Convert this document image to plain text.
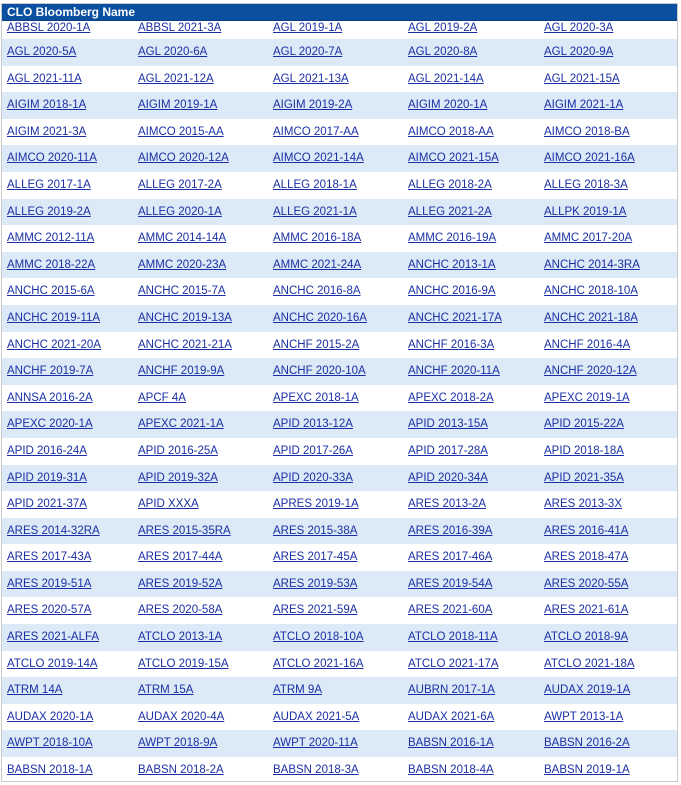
CLO Bloomberg Name
ABBSL 2020-1A	ABBSL 2021-3A	AGL 2019-1A	AGL 2019-2A	AGL 2020-3A
AGL 2020-5A	AGL 2020-6A	AGL 2020-7A	AGL 2020-8A	AGL 2020-9A
AGL 2021-11A	AGL 2021-12A	AGL 2021-13A	AGL 2021-14A	AGL 2021-15A
AIGIM 2018-1A	AIGIM 2019-1A	AIGIM 2019-2A	AIGIM 2020-1A	AIGIM 2021-1A
AIGIM 2021-3A	AIMCO 2015-AA	AIMCO 2017-AA	AIMCO 2018-AA	AIMCO 2018-BA
AIMCO 2020-11A	AIMCO 2020-12A	AIMCO 2021-14A	AIMCO 2021-15A	AIMCO 2021-16A
ALLEG 2017-1A	ALLEG 2017-2A	ALLEG 2018-1A	ALLEG 2018-2A	ALLEG 2018-3A
ALLEG 2019-2A	ALLEG 2020-1A	ALLEG 2021-1A	ALLEG 2021-2A	ALLPK 2019-1A
AMMC 2012-11A	AMMC 2014-14A	AMMC 2016-18A	AMMC 2016-19A	AMMC 2017-20A
AMMC 2018-22A	AMMC 2020-23A	AMMC 2021-24A	ANCHC 2013-1A	ANCHC 2014-3RA
ANCHC 2015-6A	ANCHC 2015-7A	ANCHC 2016-8A	ANCHC 2016-9A	ANCHC 2018-10A
ANCHC 2019-11A	ANCHC 2019-13A	ANCHC 2020-16A	ANCHC 2021-17A	ANCHC 2021-18A
ANCHC 2021-20A	ANCHC 2021-21A	ANCHF 2015-2A	ANCHF 2016-3A	ANCHF 2016-4A
ANCHF 2019-7A	ANCHF 2019-9A	ANCHF 2020-10A	ANCHF 2020-11A	ANCHF 2020-12A
ANNSA 2016-2A	APCF 4A	APEXC 2018-1A	APEXC 2018-2A	APEXC 2019-1A
APEXC 2020-1A	APEXC 2021-1A	APID 2013-12A	APID 2013-15A	APID 2015-22A
APID 2016-24A	APID 2016-25A	APID 2017-26A	APID 2017-28A	APID 2018-18A
APID 2019-31A	APID 2019-32A	APID 2020-33A	APID 2020-34A	APID 2021-35A
APID 2021-37A	APID XXXA	APRES 2019-1A	ARES 2013-2A	ARES 2013-3X
ARES 2014-32RA	ARES 2015-35RA	ARES 2015-38A	ARES 2016-39A	ARES 2016-41A
ARES 2017-43A	ARES 2017-44A	ARES 2017-45A	ARES 2017-46A	ARES 2018-47A
ARES 2019-51A	ARES 2019-52A	ARES 2019-53A	ARES 2019-54A	ARES 2020-55A
ARES 2020-57A	ARES 2020-58A	ARES 2021-59A	ARES 2021-60A	ARES 2021-61A
ARES 2021-ALFA	ATCLO 2013-1A	ATCLO 2018-10A	ATCLO 2018-11A	ATCLO 2018-9A
ATCLO 2019-14A	ATCLO 2019-15A	ATCLO 2021-16A	ATCLO 2021-17A	ATCLO 2021-18A
ATRM 14A	ATRM 15A	ATRM 9A	AUBRN 2017-1A	AUDAX 2019-1A
AUDAX 2020-1A	AUDAX 2020-4A	AUDAX 2021-5A	AUDAX 2021-6A	AWPT 2013-1A
AWPT 2018-10A	AWPT 2018-9A	AWPT 2020-11A	BABSN 2016-1A	BABSN 2016-2A
BABSN 2018-1A	BABSN 2018-2A	BABSN 2018-3A	BABSN 2018-4A	BABSN 2019-1A
